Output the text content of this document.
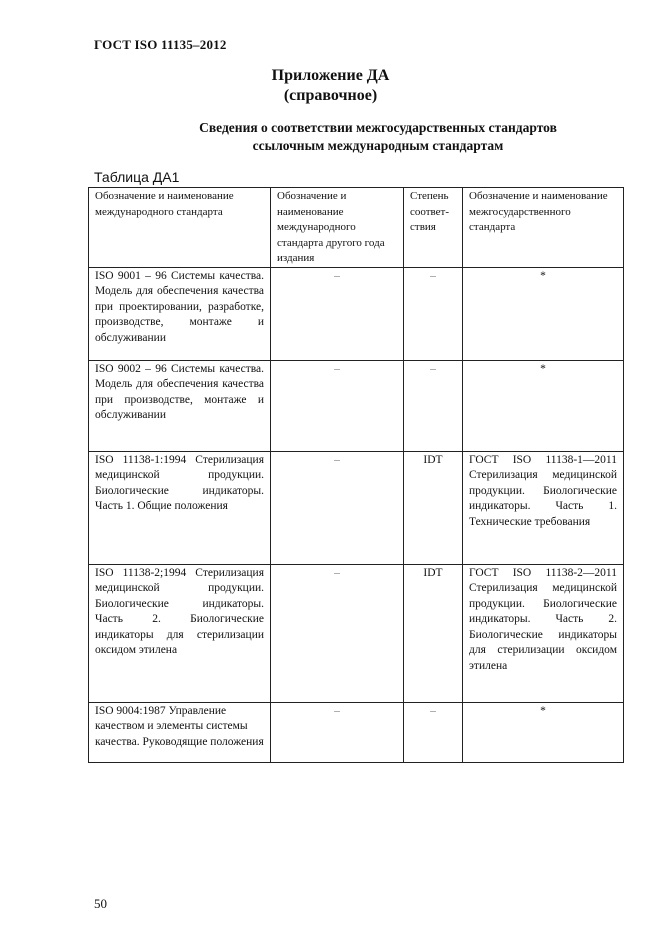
ГОСТ ISO 11135–2012
Приложение ДА
(справочное)
Сведения о соответствии межгосударственных стандартов
ссылочным международным стандартам
Таблица ДА1
Обозначение и наименование международного стандарта	Обозначение и наименование международного стандарта другого года издания	Степень соответ-ствия	Обозначение и наименование межгосударственного стандарта
ISO 9001 – 96 Системы качества. Модель для обеспечения качества при проектировании, разработке, производстве, монтаже и обслуживании	–	–	*
ISO 9002 – 96 Системы качества. Модель для обеспечения качества при производстве, монтаже и обслуживании	–	–	*
ISO 11138-1:1994 Стерилизация медицинской продукции. Биологические индикаторы. Часть 1. Общие положения	–	IDT	ГОСТ ISO 11138-1—2011 Стерилизация медицинской продукции. Биологические индикаторы. Часть 1. Технические требования
ISO 11138-2;1994 Стерилизация медицинской продукции. Биологические индикаторы. Часть 2. Биологические индикаторы для стерилизации оксидом этилена	–	IDT	ГОСТ ISO 11138-2—2011 Стерилизация медицинской продукции. Биологические индикаторы. Часть 2. Биологические индикаторы для стерилизации оксидом этилена
ISO 9004:1987 Управление качеством и элементы системы качества. Руководящие положения	–	–	*
50
